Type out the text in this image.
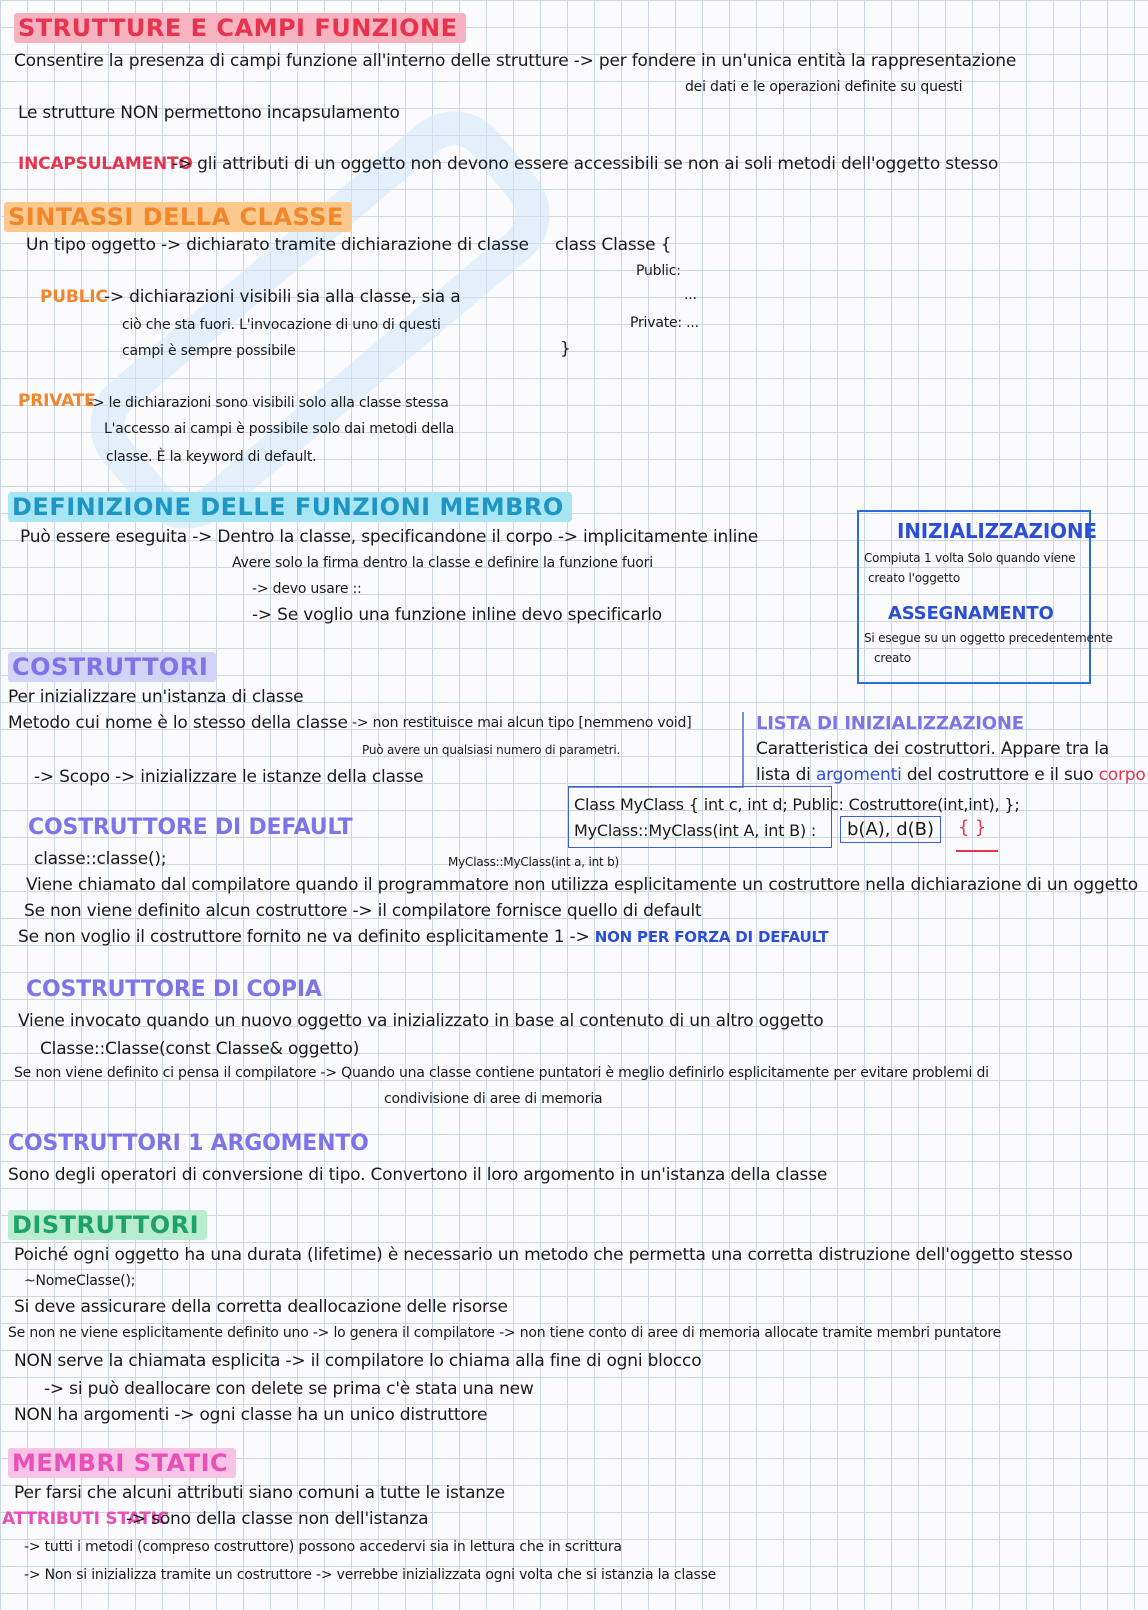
STRUTTURE E CAMPI FUNZIONE
Consentire la presenza di campi funzione all'interno delle strutture -> per fondere in un'unica entità la rappresentazione
dei dati e le operazioni definite su questi
Le strutture NON permettono incapsulamento
INCAPSULAMENTO
-> gli attributi di un oggetto non devono essere accessibili se non ai soli metodi dell'oggetto stesso
SINTASSI DELLA CLASSE
Un tipo oggetto -> dichiarato tramite dichiarazione di classe class Classe {
Public:
...
Private: ...
}
PUBLIC
-> dichiarazioni visibili sia alla classe, sia a
ciò che sta fuori. L'invocazione di uno di questi
campi è sempre possibile
PRIVATE
-> le dichiarazioni sono visibili solo alla classe stessa
L'accesso ai campi è possibile solo dai metodi della
classe. È la keyword di default.
DEFINIZIONE DELLE FUNZIONI MEMBRO
Può essere eseguita -> Dentro la classe, specificandone il corpo -> implicitamente inline
Avere solo la firma dentro la classe e definire la funzione fuori
-> devo usare ::
-> Se voglio una funzione inline devo specificarlo
INIZIALIZZAZIONE
Compiuta 1 volta Solo quando viene
creato l'oggetto
ASSEGNAMENTO
Si esegue su un oggetto precedentemente
creato
COSTRUTTORI
Per inizializzare un'istanza di classe
Metodo cui nome è lo stesso della classe -> non restituisce mai alcun tipo [nemmeno void]
Può avere un qualsiasi numero di parametri.
-> Scopo -> inizializzare le istanze della classe
LISTA DI INIZIALIZZAZIONE
Caratteristica dei costruttori. Appare tra la
lista di argomenti del costruttore e il suo corpo
Class MyClass { int c, int d; Public: Costruttore(int,int), };
MyClass::MyClass(int A, int B) :	b(A), d(B)	{ }
COSTRUTTORE DI DEFAULT
classe::classe();	MyClass::MyClass(int a, int b)
Viene chiamato dal compilatore quando il programmatore non utilizza esplicitamente un costruttore nella dichiarazione di un oggetto
Se non viene definito alcun costruttore -> il compilatore fornisce quello di default
Se non voglio il costruttore fornito ne va definito esplicitamente 1 -> NON PER FORZA DI DEFAULT
COSTRUTTORE DI COPIA
Viene invocato quando un nuovo oggetto va inizializzato in base al contenuto di un altro oggetto
Classe::Classe(const Classe& oggetto)
Se non viene definito ci pensa il compilatore -> Quando una classe contiene puntatori è meglio definirlo esplicitamente per evitare problemi di
condivisione di aree di memoria
COSTRUTTORI 1 ARGOMENTO
Sono degli operatori di conversione di tipo. Convertono il loro argomento in un'istanza della classe
DISTRUTTORI
Poiché ogni oggetto ha una durata (lifetime) è necessario un metodo che permetta una corretta distruzione dell'oggetto stesso
~NomeClasse();
Si deve assicurare della corretta deallocazione delle risorse
Se non ne viene esplicitamente definito uno -> lo genera il compilatore -> non tiene conto di aree di memoria allocate tramite membri puntatore
NON serve la chiamata esplicita -> il compilatore lo chiama alla fine di ogni blocco
-> si può deallocare con delete se prima c'è stata una new
NON ha argomenti -> ogni classe ha un unico distruttore
MEMBRI STATIC
Per farsi che alcuni attributi siano comuni a tutte le istanze
ATTRIBUTI STATIC
-> sono della classe non dell'istanza
-> tutti i metodi (compreso costruttore) possono accedervi sia in lettura che in scrittura
-> Non si inizializza tramite un costruttore -> verrebbe inizializzata ogni volta che si istanzia la classe
